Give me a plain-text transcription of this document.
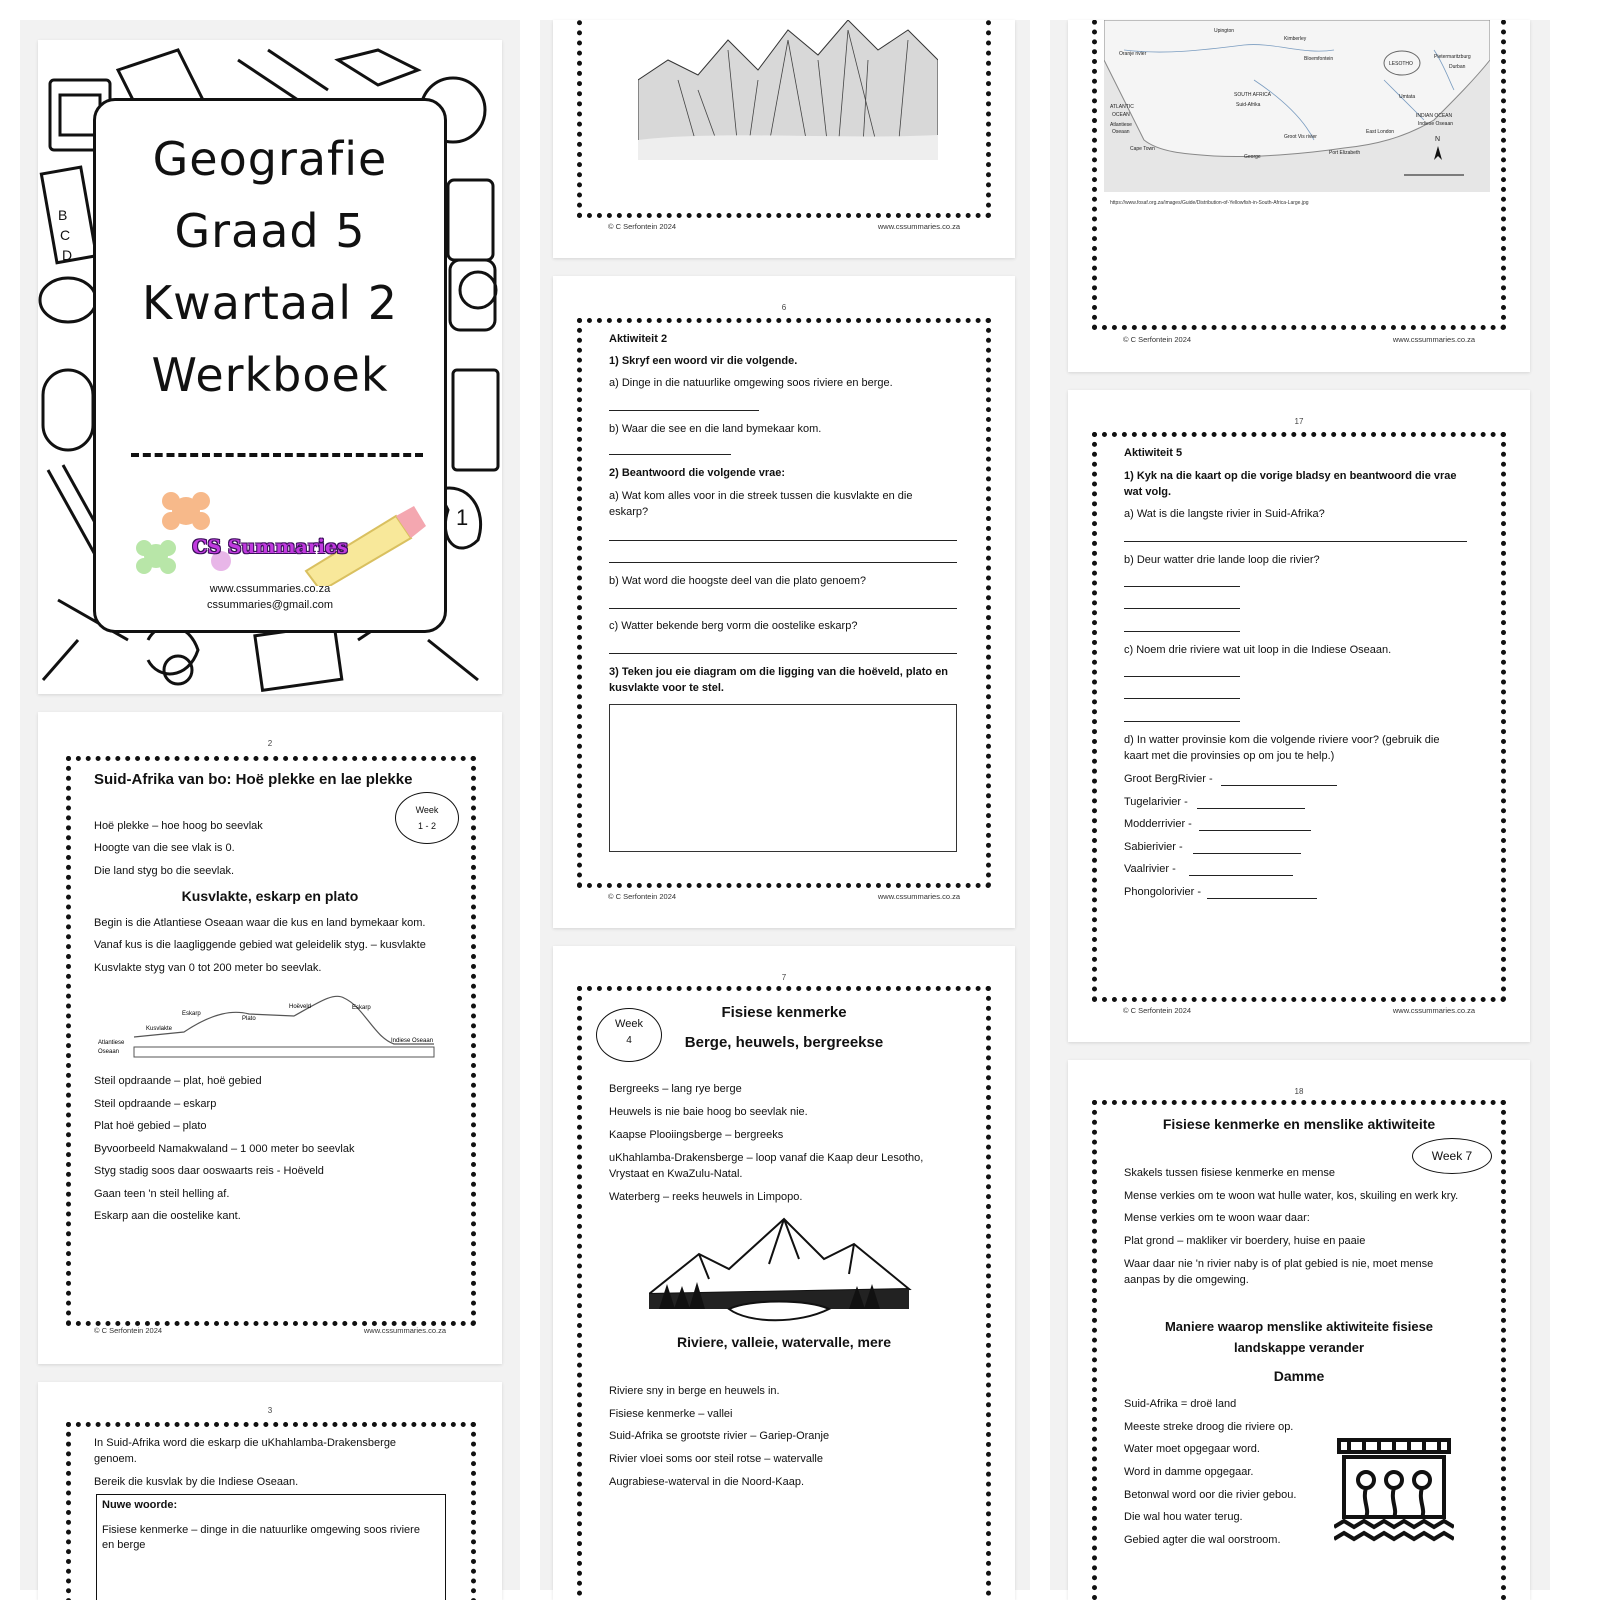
B
C
D
1
Geografie
Graad 5
Kwartaal 2
Werkboek
CS Summaries
www.cssummaries.co.za
cssummaries@gmail.com
2
Suid-Afrika van bo: Hoë plekke en lae plekke
Week
1 - 2
Hoë plekke – hoe hoog bo seevlak
Hoogte van die see vlak is 0.
Die land styg bo die seevlak.
Kusvlakte, eskarp en plato
Begin is die Atlantiese Oseaan waar die kus en land bymekaar kom.
Vanaf kus is die laagliggende gebied wat geleidelik styg. – kusvlakte
Kusvlakte styg van 0 tot 200 meter bo seevlak.
Atlantiese
Oseaan
Kusvlakte
Eskarp
Plato
Hoëveld	Eskarp
Indiese Oseaan
Steil opdraande – plat, hoë gebied
Steil opdraande – eskarp
Plat hoë gebied – plato
Byvoorbeeld Namakwaland – 1 000 meter bo seevlak
Styg stadig soos daar ooswaarts reis - Hoëveld
Gaan teen 'n steil helling af.
Eskarp aan die oostelike kant.
© C Serfontein 2024	www.cssummaries.co.za
3
In Suid-Afrika word die eskarp die uKhahlamba-Drakensberge
genoem.
Bereik die kusvlak by die Indiese Oseaan.
Nuwe woorde:
Fisiese kenmerke – dinge in die natuurlike omgewing soos riviere
en berge
© C Serfontein 2024	www.cssummaries.co.za
6
Aktiwiteit 2
1) Skryf een woord vir die volgende.
a) Dinge in die natuurlike omgewing soos riviere en berge.
b) Waar die see en die land bymekaar kom.
2) Beantwoord die volgende vrae:
a) Wat kom alles voor in die streek tussen die kusvlakte en die
eskarp?
b) Wat word die hoogste deel van die plato genoem?
c) Watter bekende berg vorm die oostelike eskarp?
3) Teken jou eie diagram om die ligging van die hoëveld, plato en
kusvlakte voor te stel.
© C Serfontein 2024	www.cssummaries.co.za
7
Week
4
Fisiese kenmerke
Berge, heuwels, bergreekse
Bergreeks – lang rye berge
Heuwels is nie baie hoog bo seevlak nie.
Kaapse Plooiingsberge – bergreeks
uKhahlamba-Drakensberge – loop vanaf die Kaap deur Lesotho,
Vrystaat en KwaZulu-Natal.
Waterberg – reeks heuwels in Limpopo.
Riviere, valleie, watervalle, mere
Riviere sny in berge en heuwels in.
Fisiese kenmerke – vallei
Suid-Afrika se grootste rivier – Gariep-Oranje
Rivier vloei soms oor steil rotse – watervalle
Augrabiese-waterval in die Noord-Kaap.
Upington
Kimberley
Bloemfontein
Oranje rivier
LESOTHO
Pietermaritzburg
Durban
Umtata
SOUTH AFRICA
Suid-Afrika
ATLANTIC
OCEAN
Atlantiese
Oseaan
Cape Town
George
Port Elizabeth
East London
Groot Vis rivier
INDIAN OCEAN
Indiese Oseaan
N
https://www.fosaf.org.za/images/Guide/Distribution-of-Yellowfish-in-South-Africa-Large.jpg
© C Serfontein 2024	www.cssummaries.co.za
17
Aktiwiteit 5
1) Kyk na die kaart op die vorige bladsy en beantwoord die vrae
wat volg.
a) Wat is die langste rivier in Suid-Afrika?
b) Deur watter drie lande loop die rivier?
c) Noem drie riviere wat uit loop in die Indiese Oseaan.
d) In watter provinsie kom die volgende riviere voor? (gebruik die
kaart met die provinsies op om jou te help.)
Groot BergRivier -
Tugelarivier -
Modderrivier -
Sabierivier -
Vaalrivier -
Phongolorivier -
© C Serfontein 2024	www.cssummaries.co.za
18
Fisiese kenmerke en menslike aktiwiteite
Week 7
Skakels tussen fisiese kenmerke en mense
Mense verkies om te woon wat hulle water, kos, skuiling en werk kry.
Mense verkies om te woon waar daar:
Plat grond – makliker vir boerdery, huise en paaie
Waar daar nie 'n rivier naby is of plat gebied is nie, moet mense
aanpas by die omgewing.
Maniere waarop menslike aktiwiteite fisiese
landskappe verander
Damme
Suid-Afrika = droë land
Meeste streke droog die riviere op.
Water moet opgegaar word.
Word in damme opgegaar.
Betonwal word oor die rivier gebou.
Die wal hou water terug.
Gebied agter die wal oorstroom.
